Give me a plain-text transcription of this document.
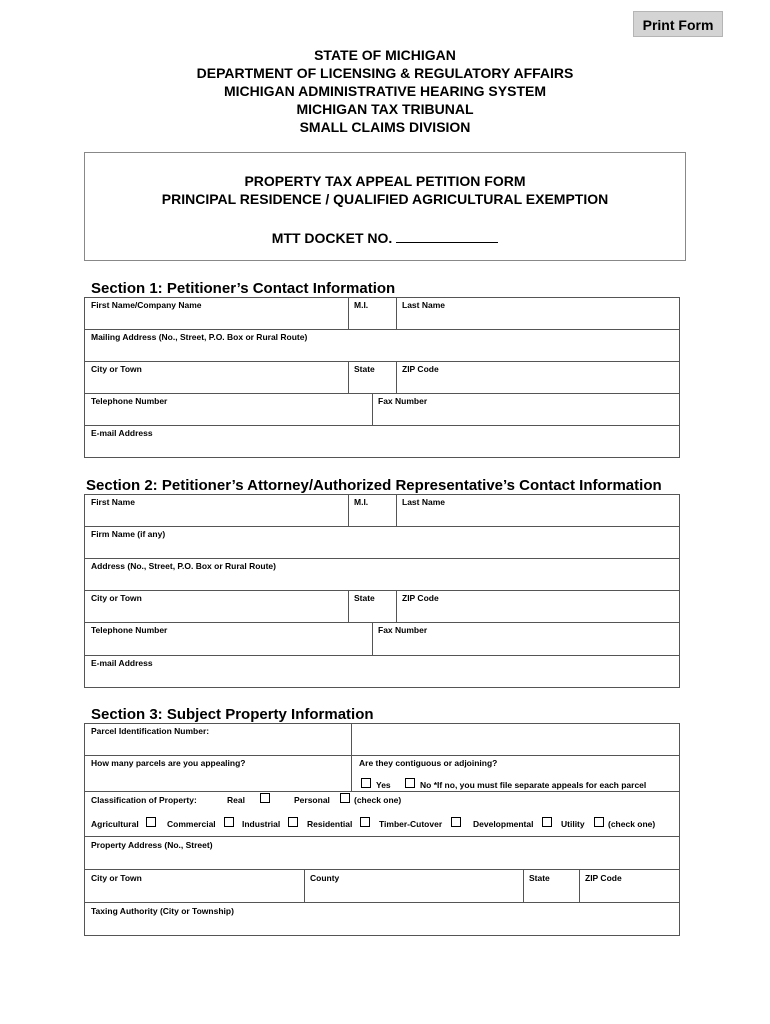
Print Form
STATE OF MICHIGAN
DEPARTMENT OF LICENSING & REGULATORY AFFAIRS
MICHIGAN ADMINISTRATIVE HEARING SYSTEM
MICHIGAN TAX TRIBUNAL
SMALL CLAIMS DIVISION
PROPERTY TAX APPEAL PETITION FORM
PRINCIPAL RESIDENCE / QUALIFIED AGRICULTURAL EXEMPTION
MTT DOCKET NO.
Section 1: Petitioner’s Contact Information
First Name/Company Name	M.I.	Last Name
Mailing Address (No., Street, P.O. Box or Rural Route)
City or Town	State	ZIP Code
Telephone Number	Fax Number
E-mail Address
Section 2: Petitioner’s Attorney/Authorized Representative’s Contact Information
First Name	M.I.	Last Name
Firm Name (if any)
Address (No., Street, P.O. Box or Rural Route)
City or Town	State	ZIP Code
Telephone Number	Fax Number
E-mail Address
Section 3: Subject Property Information
Parcel Identification Number:
How many parcels are you appealing?	Are they contiguous or adjoining?
Yes	No *If no, you must file separate appeals for each parcel
Classification of Property:	Real	Personal	(check one)
Agricultural	Commercial	Industrial	Residential	Timber-Cutover	Developmental	Utility	(check one)
Property Address (No., Street)
City or Town	County	State	ZIP Code
Taxing Authority (City or Township)
